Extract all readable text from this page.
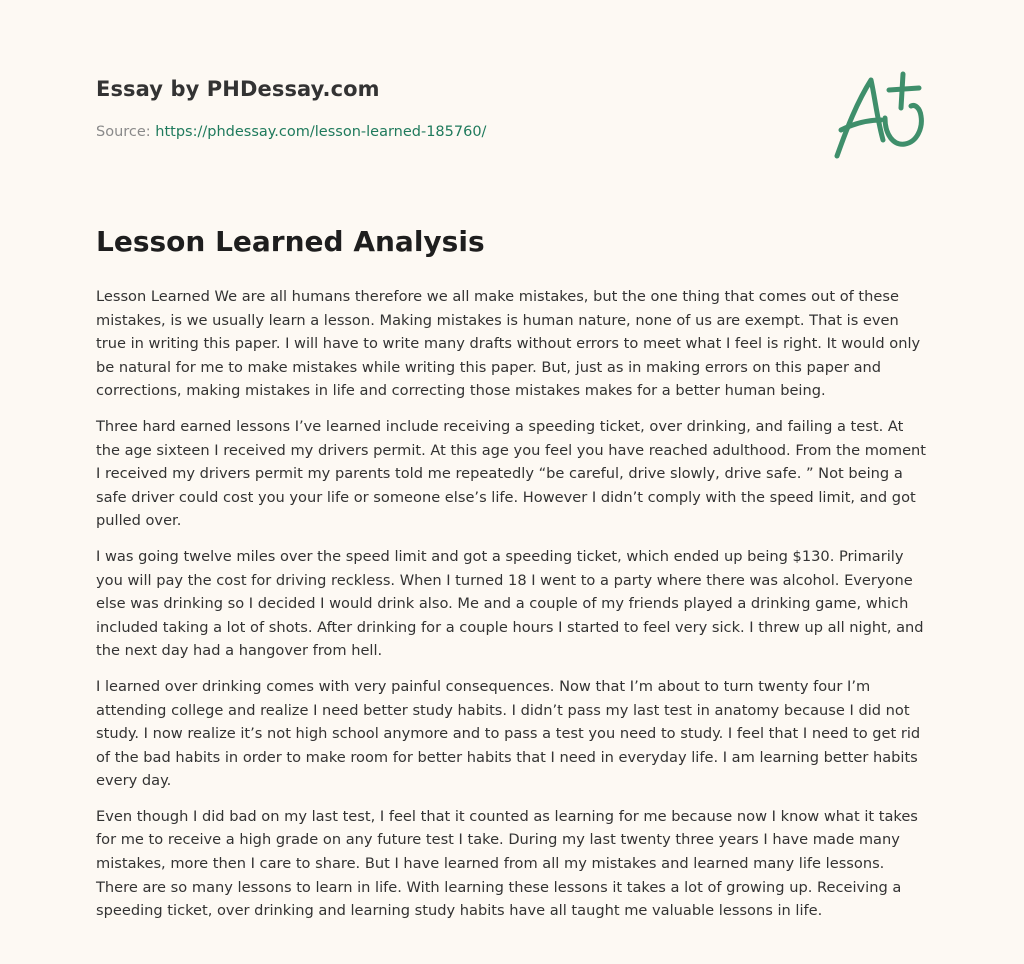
Essay by PHDessay.com
Source: https://phdessay.com/lesson-learned-185760/
Lesson Learned Analysis

Lesson Learned We are all humans therefore we all make mistakes, but the one thing that comes out of these mistakes, is we usually learn a lesson. Making mistakes is human nature, none of us are exempt. That is even true in writing this paper. I will have to write many drafts without errors to meet what I feel is right. It would only be natural for me to make mistakes while writing this paper. But, just as in making errors on this paper and corrections, making mistakes in life and correcting those mistakes makes for a better human being.

Three hard earned lessons I’ve learned include receiving a speeding ticket, over drinking, and failing a test. At the age sixteen I received my drivers permit. At this age you feel you have reached adulthood. From the moment I received my drivers permit my parents told me repeatedly “be careful, drive slowly, drive safe. ” Not being a safe driver could cost you your life or someone else’s life. However I didn’t comply with the speed limit, and got pulled over.

I was going twelve miles over the speed limit and got a speeding ticket, which ended up being $130. Primarily you will pay the cost for driving reckless. When I turned 18 I went to a party where there was alcohol. Everyone else was drinking so I decided I would drink also. Me and a couple of my friends played a drinking game, which included taking a lot of shots. After drinking for a couple hours I started to feel very sick. I threw up all night, and the next day had a hangover from hell.

I learned over drinking comes with very painful consequences. Now that I’m about to turn twenty four I’m attending college and realize I need better study habits. I didn’t pass my last test in anatomy because I did not study. I now realize it’s not high school anymore and to pass a test you need to study. I feel that I need to get rid of the bad habits in order to make room for better habits that I need in everyday life. I am learning better habits every day.

Even though I did bad on my last test, I feel that it counted as learning for me because now I know what it takes for me to receive a high grade on any future test I take. During my last twenty three years I have made many mistakes, more then I care to share. But I have learned from all my mistakes and learned many life lessons. There are so many lessons to learn in life. With learning these lessons it takes a lot of growing up. Receiving a speeding ticket, over drinking and learning study habits have all taught me valuable lessons in life.
